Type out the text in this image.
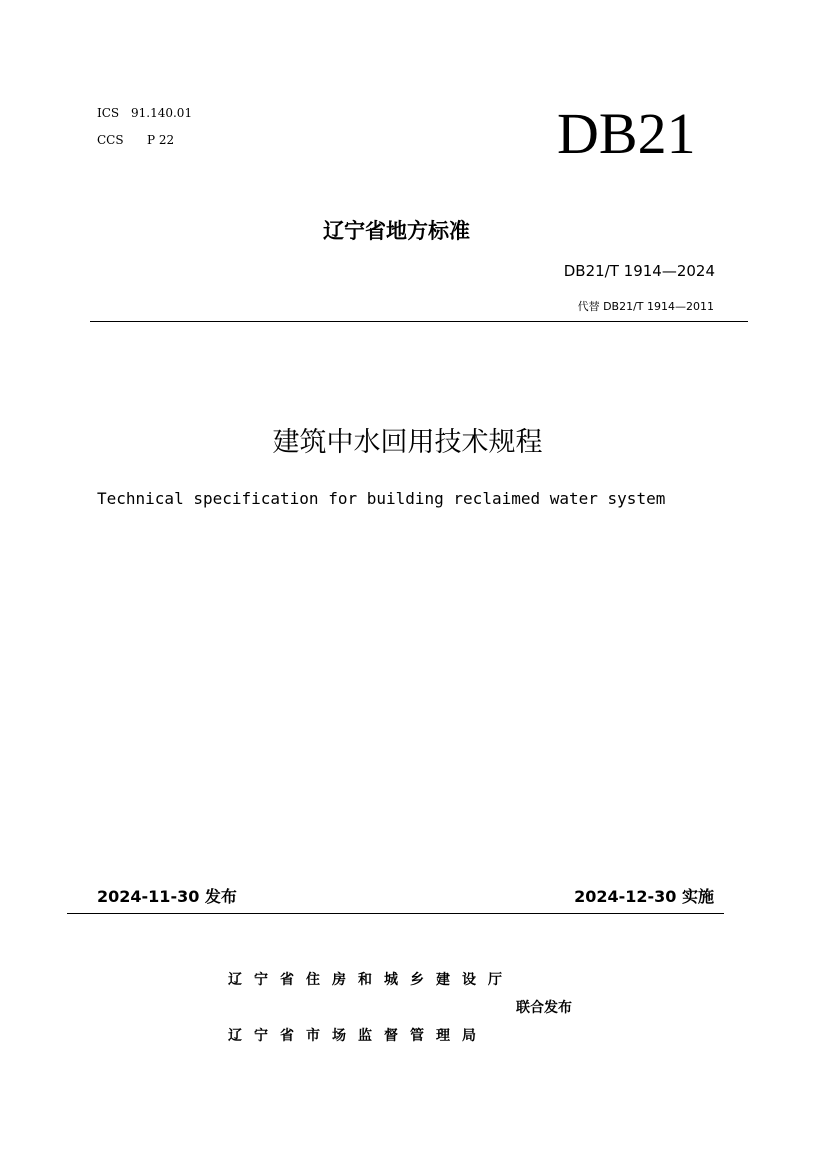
ICS 91.140.01
CCS P 22	DB21
辽宁省地方标准
DB21/T 1914—2024
代替 DB21/T 1914—2011
建筑中水回用技术规程
Technical specification for building reclaimed water system
2024-11-30 发布	2024-12-30 实施
辽宁省住房和城乡建设厅
联合发布
辽宁省市场监督管理局
